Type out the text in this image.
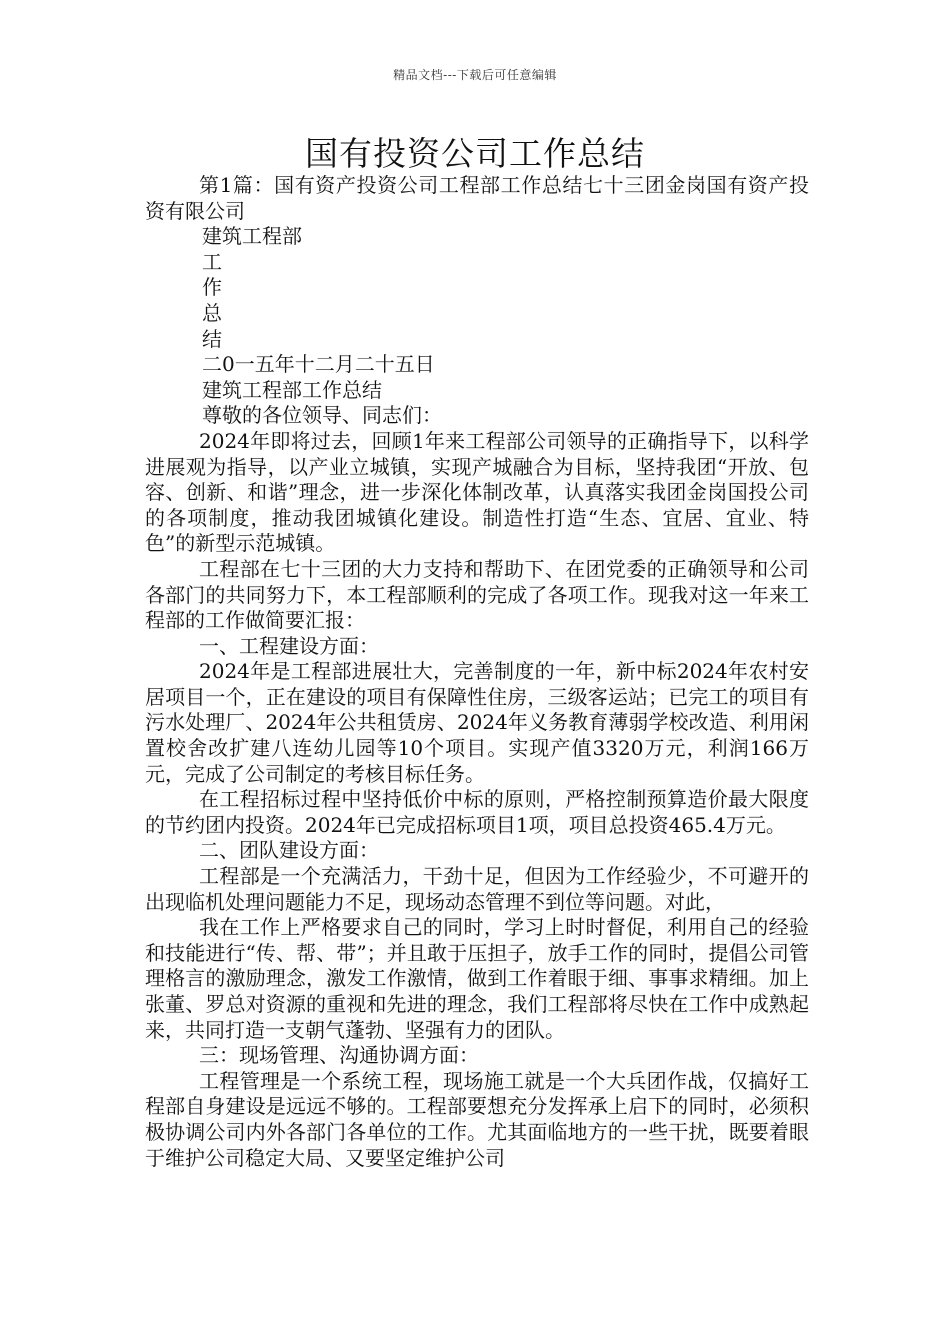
精品文档---下载后可任意编辑
国有投资公司工作总结

第1篇：国有资产投资公司工程部工作总结七十三团金岗国有资产投资有限公司

建筑工程部

工

作

总

结

二0一五年十二月二十五日

建筑工程部工作总结

尊敬的各位领导、同志们：

2024年即将过去，回顾1年来工程部公司领导的正确指导下，以科学进展观为指导，以产业立城镇，实现产城融合为目标，坚持我团“开放、包容、创新、和谐”理念，进一步深化体制改革，认真落实我团金岗国投公司的各项制度，推动我团城镇化建设。制造性打造“生态、宜居、宜业、特色”的新型示范城镇。

工程部在七十三团的大力支持和帮助下、在团党委的正确领导和公司各部门的共同努力下，本工程部顺利的完成了各项工作。现我对这一年来工程部的工作做简要汇报：

一、工程建设方面：

2024年是工程部进展壮大，完善制度的一年，新中标2024年农村安居项目一个，正在建设的项目有保障性住房，三级客运站；已完工的项目有污水处理厂、2024年公共租赁房、2024年义务教育薄弱学校改造、利用闲置校舍改扩建八连幼儿园等10个项目。实现产值3320万元，利润166万元，完成了公司制定的考核目标任务。

在工程招标过程中坚持低价中标的原则，严格控制预算造价最大限度的节约团内投资。2024年已完成招标项目1项，项目总投资465.4万元。

二、团队建设方面：

工程部是一个充满活力，干劲十足，但因为工作经验少，不可避开的出现临机处理问题能力不足，现场动态管理不到位等问题。对此，

我在工作上严格要求自己的同时，学习上时时督促，利用自己的经验和技能进行“传、帮、带”；并且敢于压担子，放手工作的同时，提倡公司管理格言的激励理念，激发工作激情，做到工作着眼于细、事事求精细。加上张董、罗总对资源的重视和先进的理念，我们工程部将尽快在工作中成熟起来，共同打造一支朝气蓬勃、坚强有力的团队。

三：现场管理、沟通协调方面：

工程管理是一个系统工程，现场施工就是一个大兵团作战，仅搞好工程部自身建设是远远不够的。工程部要想充分发挥承上启下的同时，必须积极协调公司内外各部门各单位的工作。尤其面临地方的一些干扰，既要着眼于维护公司稳定大局、又要坚定维护公司
